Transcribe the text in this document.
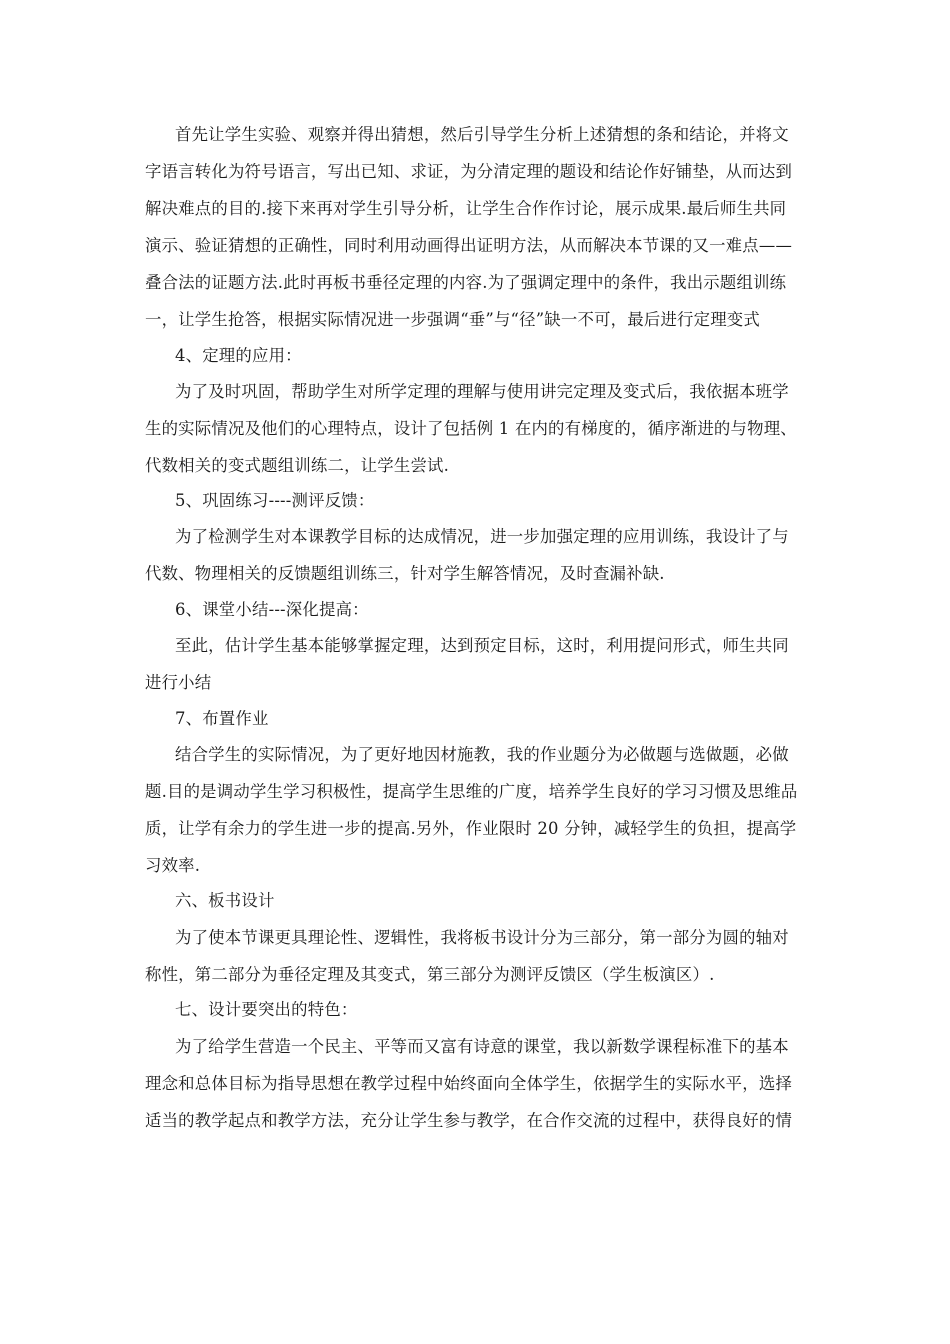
首先让学生实验、观察并得出猜想，然后引导学生分析上述猜想的条和结论，并将文
字语言转化为符号语言，写出已知、求证，为分清定理的题设和结论作好铺垫，从而达到
解决难点的目的.接下来再对学生引导分析，让学生合作作讨论，展示成果.最后师生共同
演示、验证猜想的正确性，同时利用动画得出证明方法，从而解决本节课的又一难点——
叠合法的证题方法.此时再板书垂径定理的内容.为了强调定理中的条件，我出示题组训练
一，让学生抢答，根据实际情况进一步强调“垂”与“径”缺一不可，最后进行定理变式
4、定理的应用：
为了及时巩固，帮助学生对所学定理的理解与使用讲完定理及变式后，我依据本班学
生的实际情况及他们的心理特点，设计了包括例 1 在内的有梯度的，循序渐进的与物理、
代数相关的变式题组训练二，让学生尝试.
5、巩固练习----测评反馈：
为了检测学生对本课教学目标的达成情况，进一步加强定理的应用训练，我设计了与
代数、物理相关的反馈题组训练三，针对学生解答情况，及时查漏补缺.
6、课堂小结---深化提高：
至此，估计学生基本能够掌握定理，达到预定目标，这时，利用提问形式，师生共同
进行小结
7、布置作业
结合学生的实际情况，为了更好地因材施教，我的作业题分为必做题与选做题，必做
题.目的是调动学生学习积极性，提高学生思维的广度，培养学生良好的学习习惯及思维品
质，让学有余力的学生进一步的提高.另外，作业限时 20 分钟，减轻学生的负担，提高学
习效率.
六、板书设计
为了使本节课更具理论性、逻辑性，我将板书设计分为三部分，第一部分为圆的轴对
称性，第二部分为垂径定理及其变式，第三部分为测评反馈区（学生板演区）.
七、设计要突出的特色：
为了给学生营造一个民主、平等而又富有诗意的课堂，我以新数学课程标准下的基本
理念和总体目标为指导思想在教学过程中始终面向全体学生，依据学生的实际水平，选择
适当的教学起点和教学方法，充分让学生参与教学，在合作交流的过程中，获得良好的情
